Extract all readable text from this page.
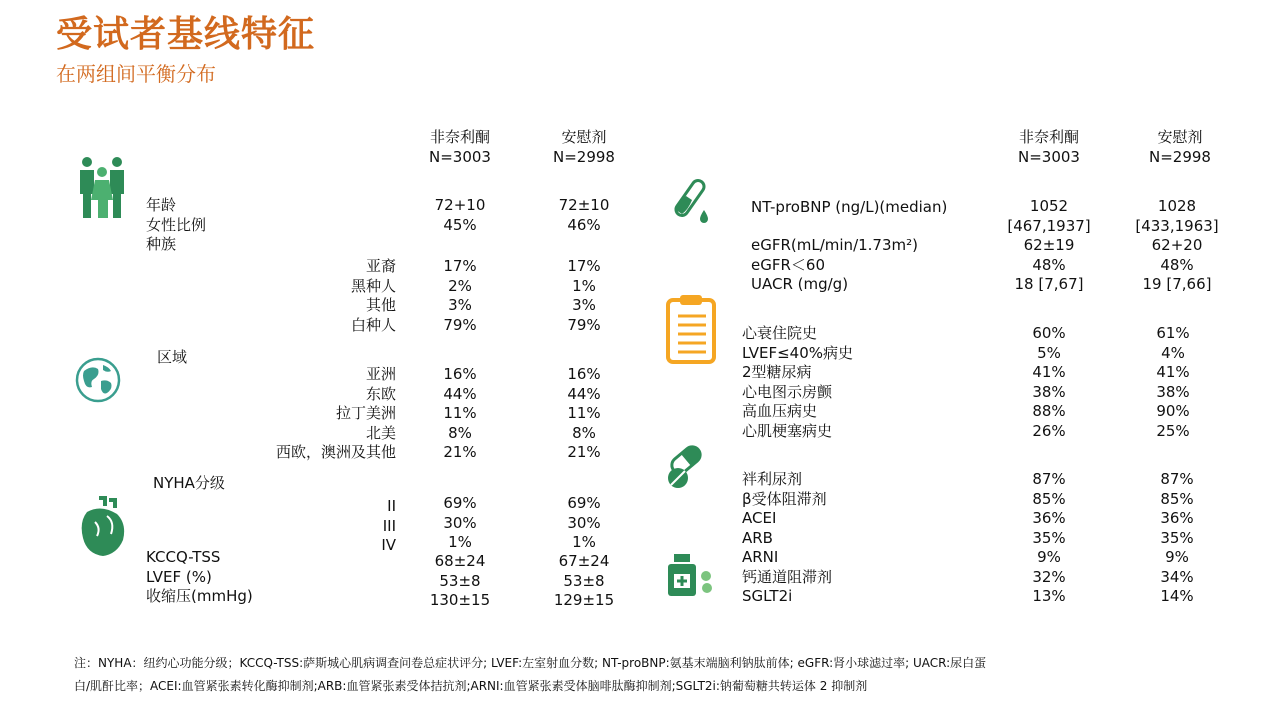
受试者基线特征
在两组间平衡分布
非奈利酮
N=3003
安慰剂
N=2998
非奈利酮
N=3003
安慰剂
N=2998
年龄
女性比例
种族
72+10
45%
72±10
46%
亚裔
黑种人
其他
白种人
17%
2%
3%
79%
17%
1%
3%
79%
区域
亚洲
东欧
拉丁美洲
北美
西欧，澳洲及其他
16%
44%
11%
8%
21%
16%
44%
11%
8%
21%
NYHA分级
II
III
IV
69%
30%
1%
69%
30%
1%
KCCQ-TSS
LVEF (%)
收缩压(mmHg)
68±24
53±8
130±15
67±24
53±8
129±15
NT-proBNP (ng/L)(median)
eGFR(mL/min/1.73m²)
eGFR＜60
UACR (mg/g)
1052
[467,1937]
62±19
48%
18 [7,67]
1028
[433,1963]
62+20
48%
19 [7,66]
心衰住院史
LVEF≤40%病史
2型糖尿病
心电图示房颤
高血压病史
心肌梗塞病史
60%
5%
41%
38%
88%
26%
61%
4%
41%
38%
90%
25%
袢利尿剂
β受体阻滞剂
ACEI
ARB
ARNI
钙通道阻滞剂
SGLT2i
87%
85%
36%
35%
9%
32%
13%
87%
85%
36%
35%
9%
34%
14%
注：NYHA：纽约心功能分级；KCCQ-TSS:萨斯城心肌病调查问卷总症状评分; LVEF:左室射血分数; NT-proBNP:氨基末端脑利钠肽前体; eGFR:肾小球滤过率; UACR:尿白蛋
白/肌酐比率；ACEI:血管紧张素转化酶抑制剂;ARB:血管紧张素受体拮抗剂;ARNI:血管紧张素受体脑啡肽酶抑制剂;SGLT2i:钠葡萄糖共转运体 2 抑制剂
